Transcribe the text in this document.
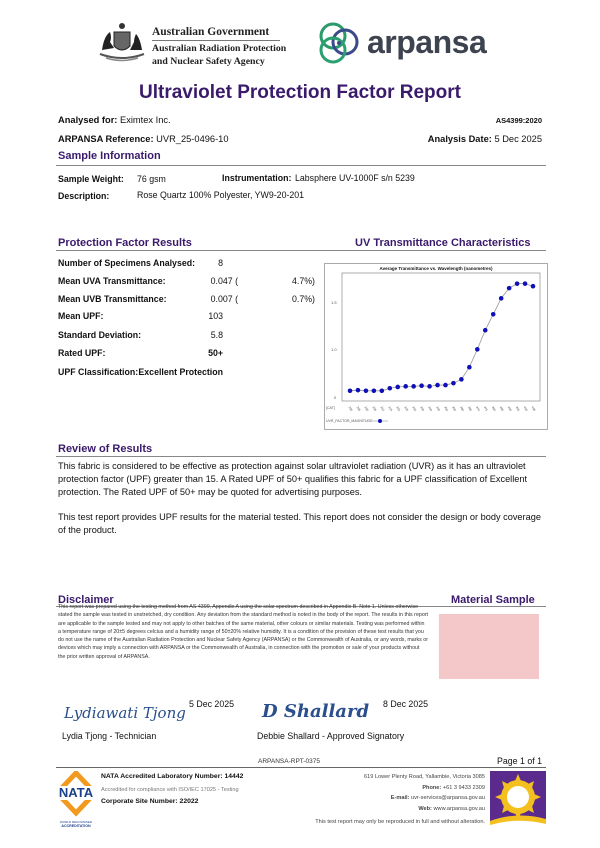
Australian Government
Australian Radiation Protection
and Nuclear Safety Agency
arpansa
Ultraviolet Protection Factor Report
Analysed for: Eximtex Inc.	AS4399:2020
ARPANSA Reference: UVR_25-0496-10	Analysis Date: 5 Dec 2025
Sample Information
Sample Weight: 76 gsm	Instrumentation: Labsphere UV-1000F s/n 5239
Description:	Rose Quartz 100% Polyester, YW9-20-201
Protection Factor Results	UV Transmittance Characteristics
Number of Specimens Analysed:	8
Mean UVA Transmittance:	0.047 (	4.7%)
Mean UVB Transmittance:	0.007 (	0.7%)
Mean UPF:	103
Standard Deviation:	5.8
Rated UPF:	50+
UPF Classification: Excellent Protection
Average Transmittance vs. Wavelength (nanometres)
1.5
1.0
0
[CAT]	290 295 300 305 310 315 320 325 330 335 340 345 350 355 360 365 370 375 380 385 390 395 400 405
UVR_FACTOR_MAGNITUDE
Review of Results

This fabric is considered to be effective as protection against solar ultraviolet radiation (UVR) as it has an ultraviolet protection factor (UPF) greater than 15. A Rated UPF of 50+ qualifies this fabric for a UPF classification of Excellent protection. The Rated UPF of 50+ may be quoted for advertising purposes.

This test report provides UPF results for the material tested. This report does not consider the design or body coverage of the product.

Disclaimer	Material Sample
This report was prepared using the testing method from AS 4399, Appendix A using the solar spectrum described in Appendix B. Note 1. Unless otherwise stated the sample was tested in unstretched, dry condition. Any deviation from the standard method is noted in the body of the report. The results in this report are applicable to the sample tested and may not apply to other batches of the same material, other colours or similar materials. Testing was performed within a temperature range of 20±5 degrees celcius and a humidity range of 50±20% relative humidity. It is a condition of the provision of these test results that you do not use the name of the Australian Radiation Protection and Nuclear Safety Agency (ARPANSA) or the Commonwealth of Australia, or any words, marks or devices which may imply a connection with ARPANSA or the Commonwealth of Australia, in connection with the promotion or sale of your products without the prior written approval of ARPANSA.
Lydiawati Tjong 5 Dec 2025
Lydia Tjong - Technician
D Shallard 8 Dec 2025
Debbie Shallard - Approved Signatory
ARPANSA-RPT-0375	Page 1 of 1
NATA
WORLD RECOGNISED
ACCREDITATION
NATA Accredited Laboratory Number: 14442
Accredited for compliance with ISO/IEC 17025 - Testing
Corporate Site Number: 22022
619 Lower Plenty Road, Yallambie, Victoria 3085
Phone: +61 3 9433 2309
E-mail: uvr-services@arpansa.gov.au
Web: www.arpansa.gov.au
This test report may only be reproduced in full and without alteration.
